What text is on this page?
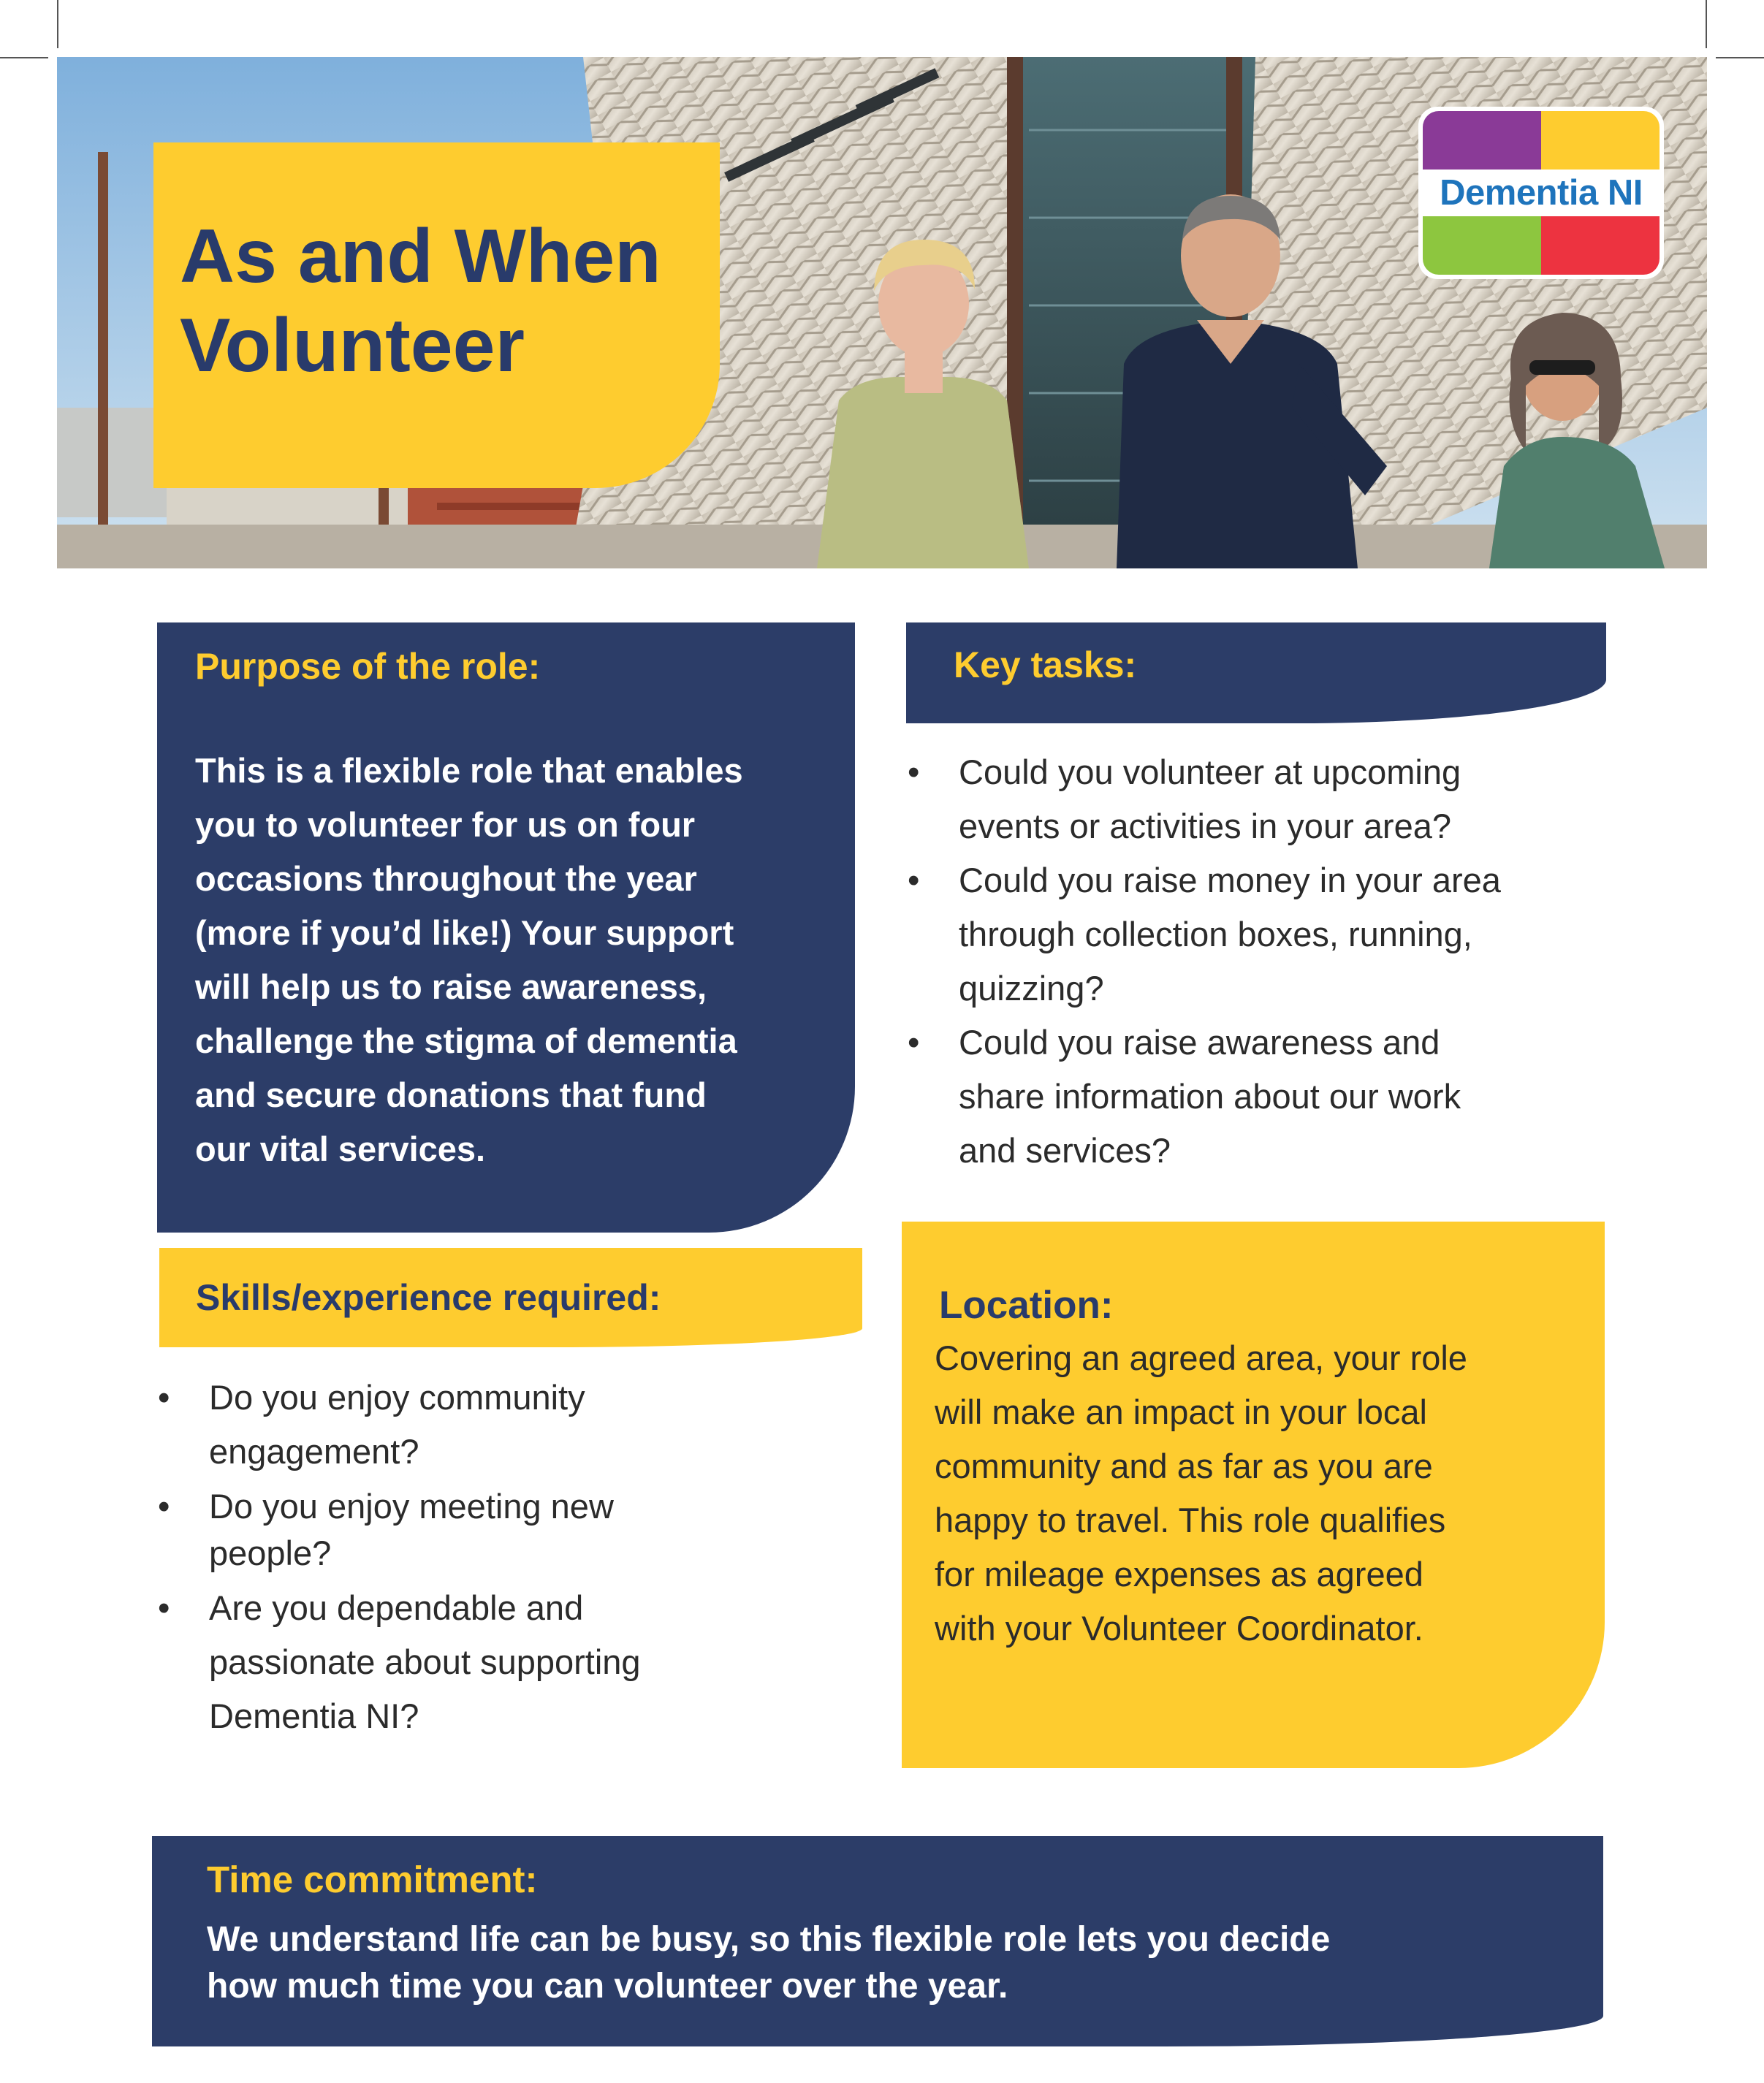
As and When
Volunteer
Dementia NI
Purpose of the role:

This is a flexible role that enables

you to volunteer for us on four

occasions throughout the year

(more if you’d like!) Your support

will help us to raise awareness,

challenge the stigma of dementia

and secure donations that fund

our vital services.

Key tasks:
• Could you volunteer at upcoming
events or activities in your area?
• Could you raise money in your area
through collection boxes, running,
quizzing?
• Could you raise awareness and
share information about our work
and services?
Skills/experience required:
• Do you enjoy community
engagement?
• Do you enjoy meeting new
people?
• Are you dependable and
passionate about supporting
Dementia NI?
Location:

Covering an agreed area, your role

will make an impact in your local

community and as far as you are

happy to travel. This role qualifies

for mileage expenses as agreed

with your Volunteer Coordinator.

Time commitment:

We understand life can be busy, so this flexible role lets you decide

how much time you can volunteer over the year.
